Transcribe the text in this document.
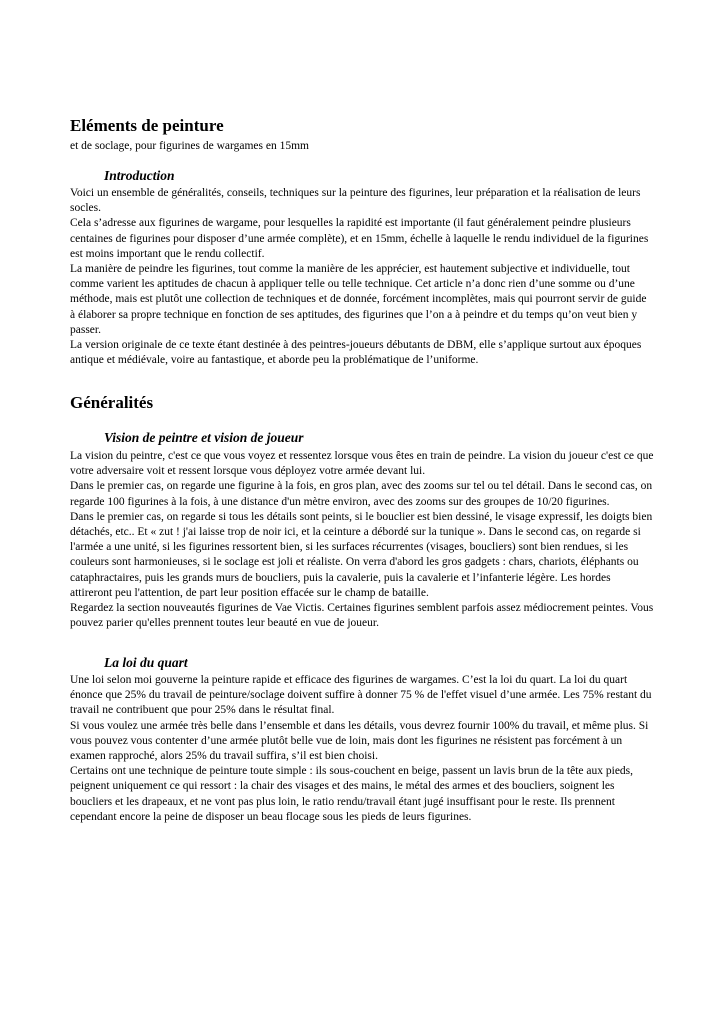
Eléments de peinture

et de soclage, pour figurines de wargames en 15mm

Introduction

Voici un ensemble de généralités, conseils, techniques sur la peinture des figurines, leur préparation et la réalisation de leurs socles.

Cela s’adresse aux figurines de wargame, pour lesquelles la rapidité est importante (il faut généralement peindre plusieurs centaines de figurines pour disposer d’une armée complète), et en 15mm, échelle à laquelle le rendu individuel de la figurines est moins important que le rendu collectif.

La manière de peindre les figurines, tout comme la manière de les apprécier, est hautement subjective et individuelle, tout comme varient les aptitudes de chacun à appliquer telle ou telle technique. Cet article n’a donc rien d’une somme ou d’une méthode, mais est plutôt une collection de techniques et de donnée, forcément incomplètes, mais qui pourront servir de guide à élaborer sa propre technique en fonction de ses aptitudes, des figurines que l’on a à peindre et du temps qu’on veut bien y passer.

La version originale de ce texte étant destinée à des peintres-joueurs débutants de DBM, elle s’applique surtout aux époques antique et médiévale, voire au fantastique, et aborde peu la problématique de l’uniforme.

Généralités
Vision de peintre et vision de joueur

La vision du peintre, c'est ce que vous voyez et ressentez lorsque vous êtes en train de peindre. La vision du joueur c'est ce que votre adversaire voit et ressent lorsque vous déployez votre armée devant lui.

Dans le premier cas, on regarde une figurine à la fois, en gros plan, avec des zooms sur tel ou tel détail. Dans le second cas, on regarde 100 figurines à la fois, à une distance d'un mètre environ, avec des zooms sur des groupes de 10/20 figurines.

Dans le premier cas, on regarde si tous les détails sont peints, si le bouclier est bien dessiné, le visage expressif, les doigts bien détachés, etc.. Et « zut ! j'ai laisse trop de noir ici, et la ceinture a débordé sur la tunique ». Dans le second cas, on regarde si l'armée a une unité, si les figurines ressortent bien, si les surfaces récurrentes (visages, boucliers) sont bien rendues, si les couleurs sont harmonieuses, si le soclage est joli et réaliste. On verra d'abord les gros gadgets : chars, chariots, éléphants ou cataphractaires, puis les grands murs de boucliers, puis la cavalerie, puis la cavalerie et l’infanterie légère. Les hordes attireront peu l'attention, de part leur position effacée sur le champ de bataille.

Regardez la section nouveautés figurines de Vae Victis. Certaines figurines semblent parfois assez médiocrement peintes. Vous pouvez parier qu'elles prennent toutes leur beauté en vue de joueur.

La loi du quart

Une loi selon moi gouverne la peinture rapide et efficace des figurines de wargames. C’est la loi du quart. La loi du quart énonce que 25% du travail de peinture/soclage doivent suffire à donner 75 % de l'effet visuel d’une armée. Les 75% restant du travail ne contribuent que pour 25% dans le résultat final.

Si vous voulez une armée très belle dans l’ensemble et dans les détails, vous devrez fournir 100% du travail, et même plus. Si vous pouvez vous contenter d’une armée plutôt belle vue de loin, mais dont les figurines ne résistent pas forcément à un examen rapproché, alors 25% du travail suffira, s’il est bien choisi.

Certains ont une technique de peinture toute simple : ils sous-couchent en beige, passent un lavis brun de la tête aux pieds, peignent uniquement ce qui ressort : la chair des visages et des mains, le métal des armes et des boucliers, soignent les boucliers et les drapeaux, et ne vont pas plus loin, le ratio rendu/travail étant jugé insuffisant pour le reste. Ils prennent cependant encore la peine de disposer un beau flocage sous les pieds de leurs figurines.
